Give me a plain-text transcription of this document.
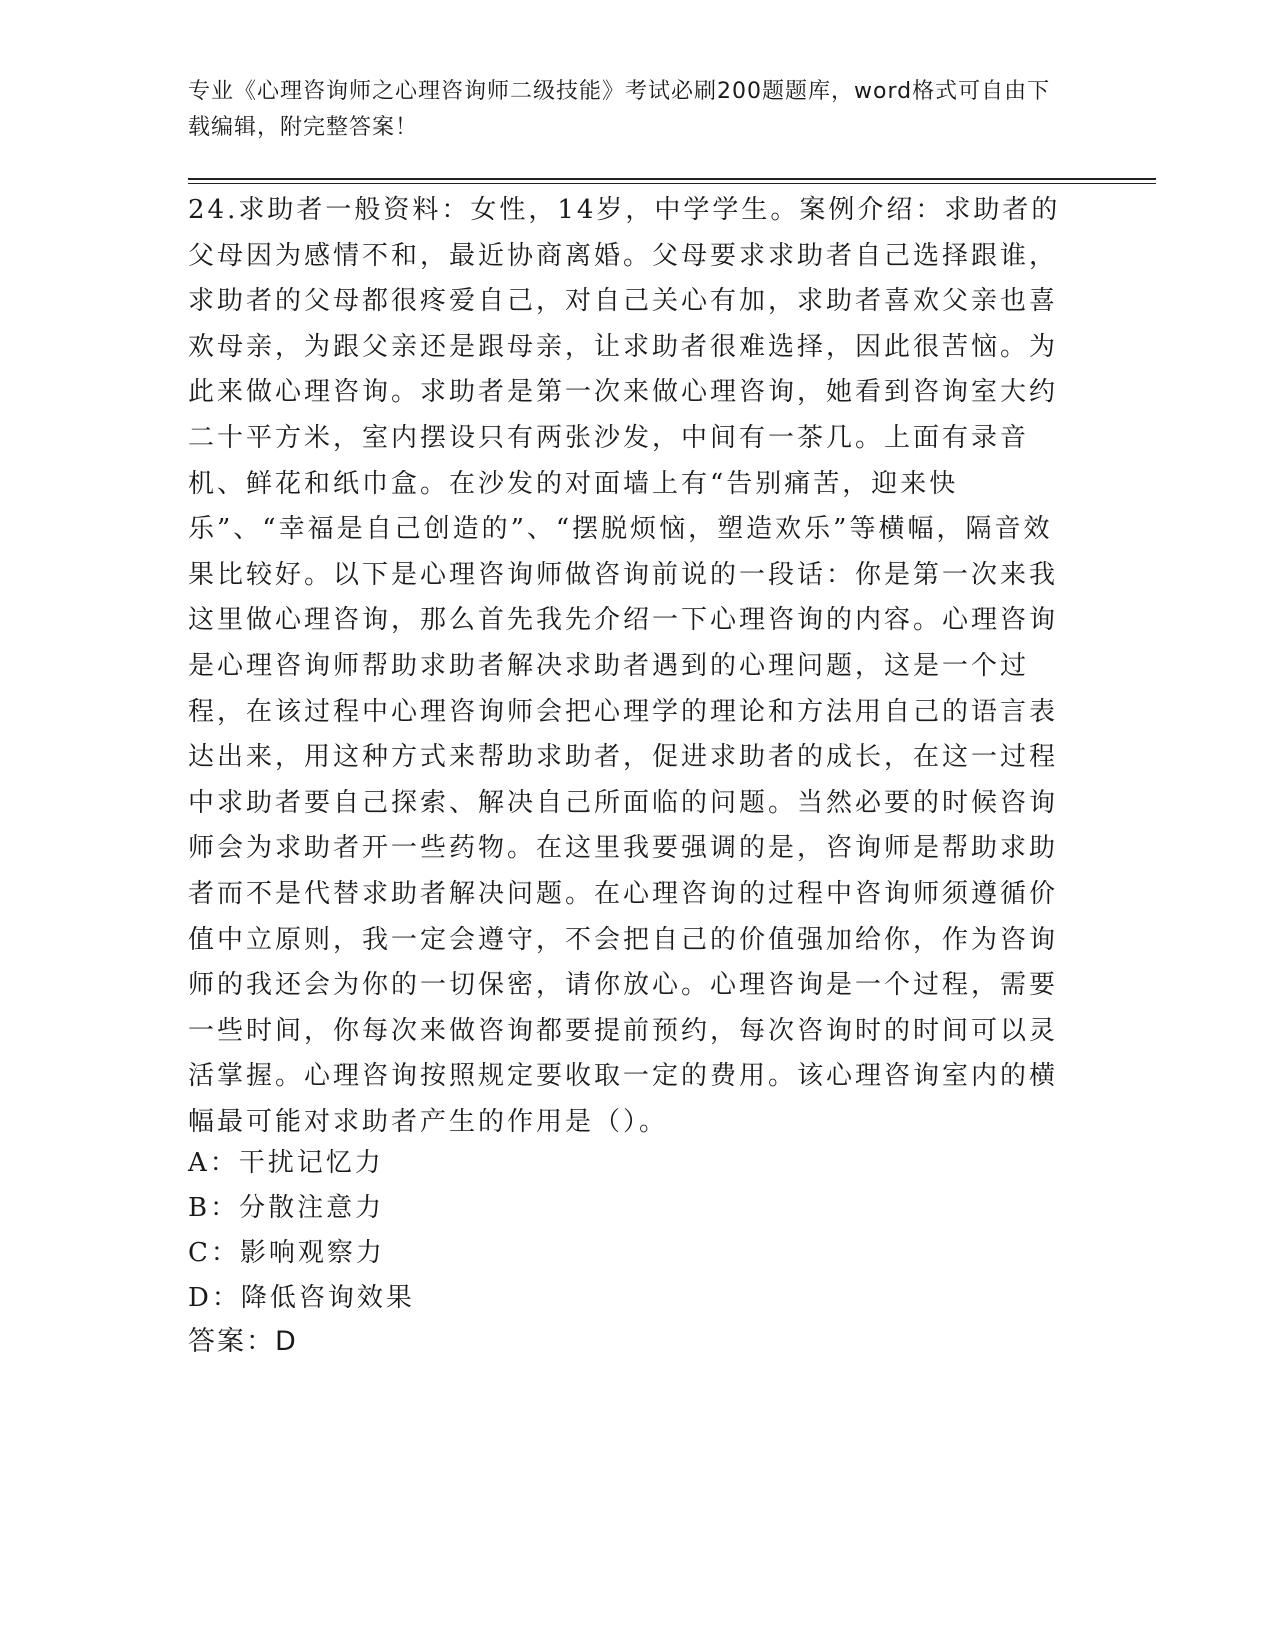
专业《心理咨询师之心理咨询师二级技能》考试必刷200题题库，word格式可自由下载编辑，附完整答案！
24.求助者一般资料：女性，14岁，中学学生。案例介绍：求助者的父母因为感情不和，最近协商离婚。父母要求求助者自己选择跟谁，求助者的父母都很疼爱自己，对自己关心有加，求助者喜欢父亲也喜欢母亲，为跟父亲还是跟母亲，让求助者很难选择，因此很苦恼。为此来做心理咨询。求助者是第一次来做心理咨询，她看到咨询室大约二十平方米，室内摆设只有两张沙发，中间有一茶几。上面有录音机、鲜花和纸巾盒。在沙发的对面墙上有“告别痛苦，迎来快乐”、“幸福是自己创造的”、“摆脱烦恼，塑造欢乐”等横幅，隔音效果比较好。以下是心理咨询师做咨询前说的一段话：你是第一次来我这里做心理咨询，那么首先我先介绍一下心理咨询的内容。心理咨询是心理咨询师帮助求助者解决求助者遇到的心理问题，这是一个过程，在该过程中心理咨询师会把心理学的理论和方法用自己的语言表达出来，用这种方式来帮助求助者，促进求助者的成长，在这一过程中求助者要自己探索、解决自己所面临的问题。当然必要的时候咨询师会为求助者开一些药物。在这里我要强调的是，咨询师是帮助求助者而不是代替求助者解决问题。在心理咨询的过程中咨询师须遵循价值中立原则，我一定会遵守，不会把自己的价值强加给你，作为咨询师的我还会为你的一切保密，请你放心。心理咨询是一个过程，需要一些时间，你每次来做咨询都要提前预约，每次咨询时的时间可以灵活掌握。心理咨询按照规定要收取一定的费用。该心理咨询室内的横幅最可能对求助者产生的作用是（）。
A：干扰记忆力
B：分散注意力
C：影响观察力
D：降低咨询效果
答案：D
